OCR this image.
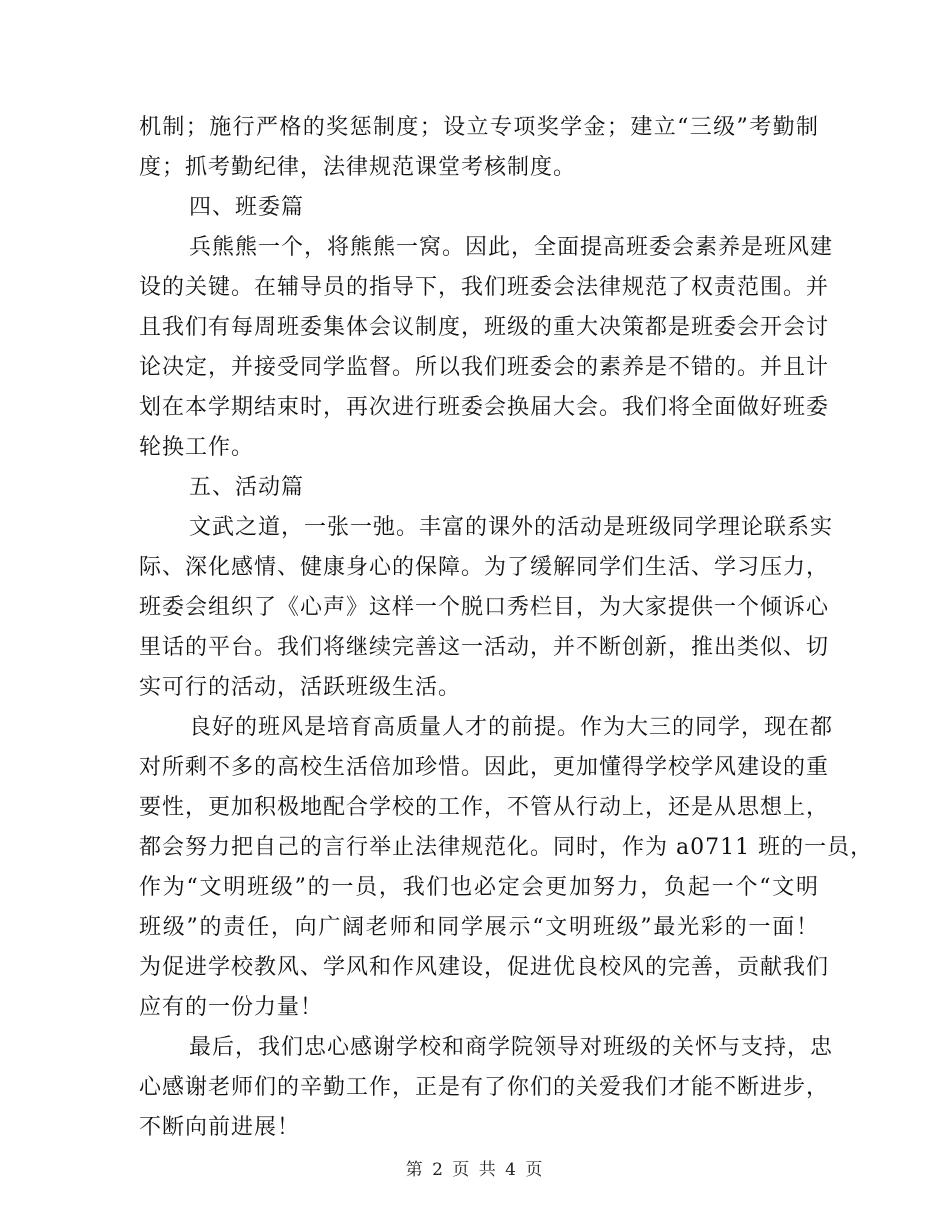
机制；施行严格的奖惩制度；设立专项奖学金；建立“三级”考勤制
度；抓考勤纪律，法律规范课堂考核制度。
四、班委篇
兵熊熊一个，将熊熊一窝。因此，全面提高班委会素养是班风建
设的关键。在辅导员的指导下，我们班委会法律规范了权责范围。并
且我们有每周班委集体会议制度，班级的重大决策都是班委会开会讨
论决定，并接受同学监督。所以我们班委会的素养是不错的。并且计
划在本学期结束时，再次进行班委会换届大会。我们将全面做好班委
轮换工作。
五、活动篇
文武之道，一张一弛。丰富的课外的活动是班级同学理论联系实
际、深化感情、健康身心的保障。为了缓解同学们生活、学习压力，
班委会组织了《心声》这样一个脱口秀栏目，为大家提供一个倾诉心
里话的平台。我们将继续完善这一活动，并不断创新，推出类似、切
实可行的活动，活跃班级生活。
良好的班风是培育高质量人才的前提。作为大三的同学，现在都
对所剩不多的高校生活倍加珍惜。因此，更加懂得学校学风建设的重
要性，更加积极地配合学校的工作，不管从行动上，还是从思想上，
都会努力把自己的言行举止法律规范化。同时，作为 a0711 班的一员，
作为“文明班级”的一员，我们也必定会更加努力，负起一个“文明
班级”的责任，向广阔老师和同学展示“文明班级”最光彩的一面！
为促进学校教风、学风和作风建设，促进优良校风的完善，贡献我们
应有的一份力量！
最后，我们忠心感谢学校和商学院领导对班级的关怀与支持，忠
心感谢老师们的辛勤工作，正是有了你们的关爱我们才能不断进步，
不断向前进展！
第 2 页 共 4 页
